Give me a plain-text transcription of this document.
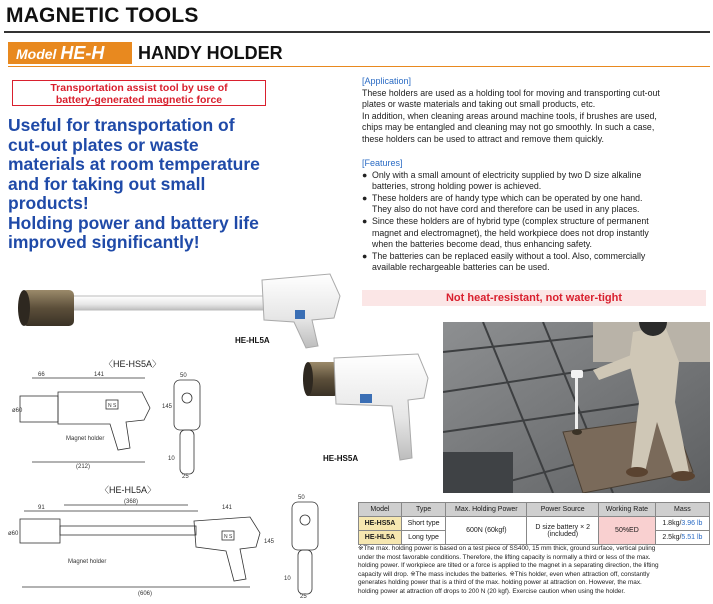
MAGNETIC TOOLS
Model HE-H	HANDY HOLDER
Transportation assist tool by use of
battery-generated magnetic force
Useful for transportation of
cut-out plates or waste
materials at room temperature
and for taking out small
products!
Holding power and battery life
improved significantly!
[Application]
These holders are used as a holding tool for moving and transporting cut-out
plates or waste materials and taking out small products, etc.
In addition, when cleaning areas around machine tools, if brushes are used,
chips may be entangled and cleaning may not go smoothly. In such a case,
these holders can be used to attract and remove them quickly.
[Features]
● Only with a small amount of electricity supplied by two D size alkaline
batteries, strong holding power is achieved.
● These holders are of handy type which can be operated by one hand.
They also do not have cord and therefore can be used in any places.
● Since these holders are of hybrid type (complex structure of permanent
magnet and electromagnet), the held workpiece does not drop instantly
when the batteries become dead, thus enhancing safety.
● The batteries can be replaced easily without a tool. Also, commercially
available rechargeable batteries can be used.
Not heat-resistant, not water-tight
HE-HL5A
HE-HS5A
〈HE-HS5A〉
66	141
ø60
Magnet holder
N S
(212)
145
50
10
25
〈HE-HL5A〉
(368)
91	141
ø60
Magnet holder
N S
(606)
145
50
10
25
Model	Type	Max. Holding Power	Power Source	Working Rate	Mass
HE-HS5A	Short type	600N (60kgf)	D size battery × 2
(included)	50%ED	1.8kg/3.96 lb
HE-HL5A	Long type				2.5kg/5.51 lb
※The max. holding power is based on a test piece of SS400, 15 mm thick, ground surface, vertical puling
under the most favorable conditions. Therefore, the lifting capacity is normally a third or less of the max.
holding power. If workpiece are tilted or a force is applied to the magnet in a separating direction, the lifting
capacity will drop. ※The mass includes the batteries. ※This holder, even when attraction off, constantly
generates holding power that is a third of the max. holding power at attraction on. However, the max.
holding power at attraction off drops to 200 N (20 kgf). Exercise caution when using the holder.
